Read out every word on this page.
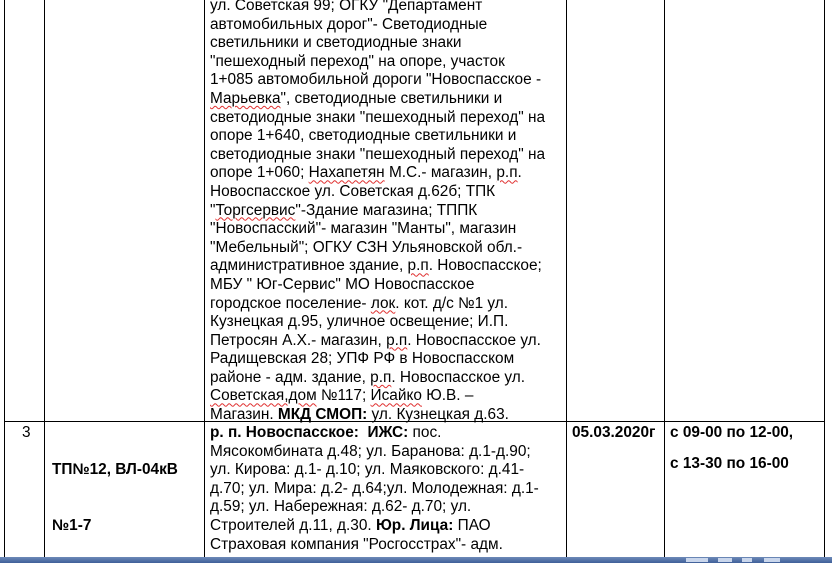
ул. Советская 99; ОГКУ "Департамент
автомобильных дорог"- Светодиодные
светильники и светодиодные знаки
"пешеходный переход" на опоре, участок
1+085 автомобильной дороги "Новоспасское -
Марьевка", светодиодные светильники и
светодиодные знаки "пешеходный переход" на
опоре 1+640, светодиодные светильники и
светодиодные знаки "пешеходный переход" на
опоре 1+060; Нахапетян М.С.- магазин, р.п.
Новоспасское ул. Советская д.62б; ТПК
"Торгсервис"-Здание магазина; ТППК
"Новоспасский"- магазин "Манты", магазин
"Мебельный"; ОГКУ СЗН Ульяновской обл.-
административное здание, р.п. Новоспасское;
МБУ " Юг-Сервис" МО Новоспасское
городское поселение- лок. кот. д/с №1 ул.
Кузнецкая д.95, уличное освещение; И.П.
Петросян А.Х.- магазин, р.п. Новоспасское ул.
Радищевская 28; УПФ РФ в Новоспасском
районе - адм. здание, р.п. Новоспасское ул.
Советская,дом №117; Исайко Ю.В. –
Магазин. МКД СМОП: ул. Кузнецкая д.63.
3

ТП№12, ВЛ-04кВ

№1-7

р. п. Новоспасское:  ИЖС: пос.
Мясокомбината д.48; ул. Баранова: д.1-д.90;
ул. Кирова: д.1- д.10; ул. Маяковского: д.41-
д.70; ул. Мира: д.2- д.64;ул. Молодежная: д.1-
д.59; ул. Набережная: д.62- д.70; ул.
Строителей д.11, д.30. Юр. Лица: ПАО
Страховая компания "Росгосстрах"- адм.
05.03.2020г с 09-00 по 12-00,
с 13-30 по 16-00
